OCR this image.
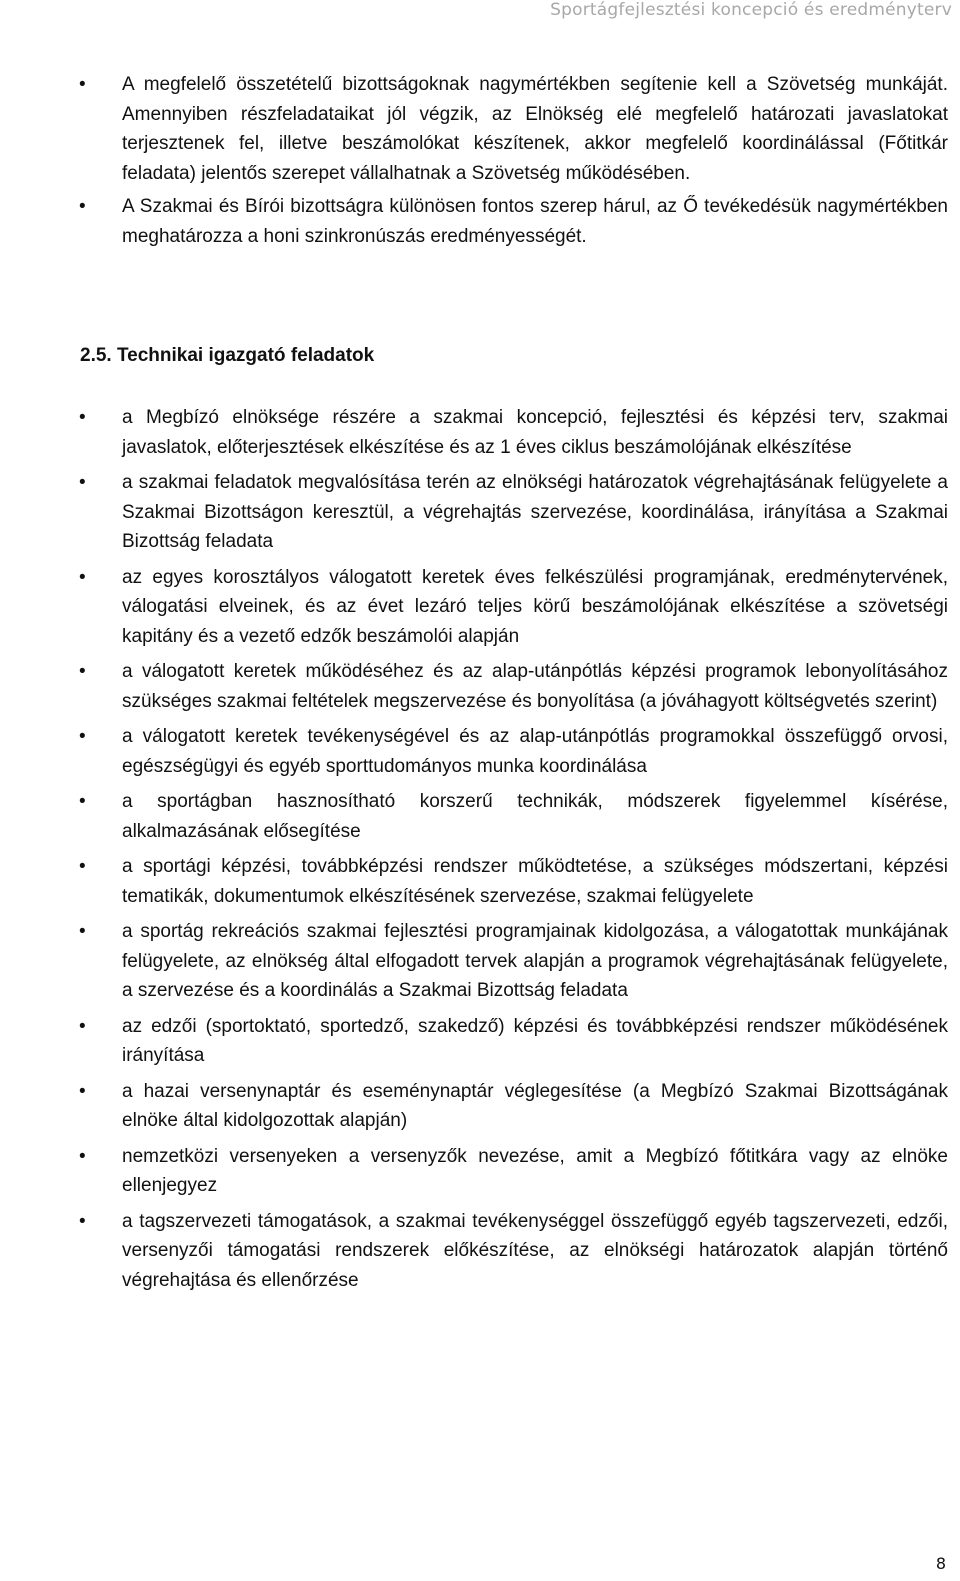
Sportágfejlesztési koncepció és eredményterv
• A megfelelő összetételű bizottságoknak nagymértékben segítenie kell a Szövetség munkáját. Amennyiben részfeladataikat jól végzik, az Elnökség elé megfelelő határozati javaslatokat terjesztenek fel, illetve beszámolókat készítenek, akkor megfelelő koordinálással (Főtitkár feladata) jelentős szerepet vállalhatnak a Szövetség működésében.
• A Szakmai és Bírói bizottságra különösen fontos szerep hárul, az Ő tevékedésük nagymértékben meghatározza a honi szinkronúszás eredményességét.
2.5. Technikai igazgató feladatok
• a Megbízó elnöksége részére a szakmai koncepció, fejlesztési és képzési terv, szakmai javaslatok, előterjesztések elkészítése és az 1 éves ciklus beszámolójának elkészítése
• a szakmai feladatok megvalósítása terén az elnökségi határozatok végrehajtásának felügyelete a Szakmai Bizottságon keresztül, a végrehajtás szervezése, koordinálása, irányítása a Szakmai Bizottság feladata
• az egyes korosztályos válogatott keretek éves felkészülési programjának, eredménytervének, válogatási elveinek, és az évet lezáró teljes körű beszámolójának elkészítése a szövetségi kapitány és a vezető edzők beszámolói alapján
• a válogatott keretek működéséhez és az alap-utánpótlás képzési programok lebonyolításához szükséges szakmai feltételek megszervezése és bonyolítása (a jóváhagyott költségvetés szerint)
• a válogatott keretek tevékenységével és az alap-utánpótlás programokkal összefüggő orvosi, egészségügyi és egyéb sporttudományos munka koordinálása
• a sportágban hasznosítható korszerű technikák, módszerek figyelemmel kísérése, alkalmazásának elősegítése
• a sportági képzési, továbbképzési rendszer működtetése, a szükséges módszertani, képzési tematikák, dokumentumok elkészítésének szervezése, szakmai felügyelete
• a sportág rekreációs szakmai fejlesztési programjainak kidolgozása, a válogatottak munkájának felügyelete, az elnökség által elfogadott tervek alapján a programok végrehajtásának felügyelete, a szervezése és a koordinálás a Szakmai Bizottság feladata
• az edzői (sportoktató, sportedző, szakedző) képzési és továbbképzési rendszer működésének irányítása
• a hazai versenynaptár és eseménynaptár véglegesítése (a Megbízó Szakmai Bizottságának elnöke által kidolgozottak alapján)
• nemzetközi versenyeken a versenyzők nevezése, amit a Megbízó főtitkára vagy az elnöke ellenjegyez
• a tagszervezeti támogatások, a szakmai tevékenységgel összefüggő egyéb tagszervezeti, edzői, versenyzői támogatási rendszerek előkészítése, az elnökségi határozatok alapján történő végrehajtása és ellenőrzése
8
